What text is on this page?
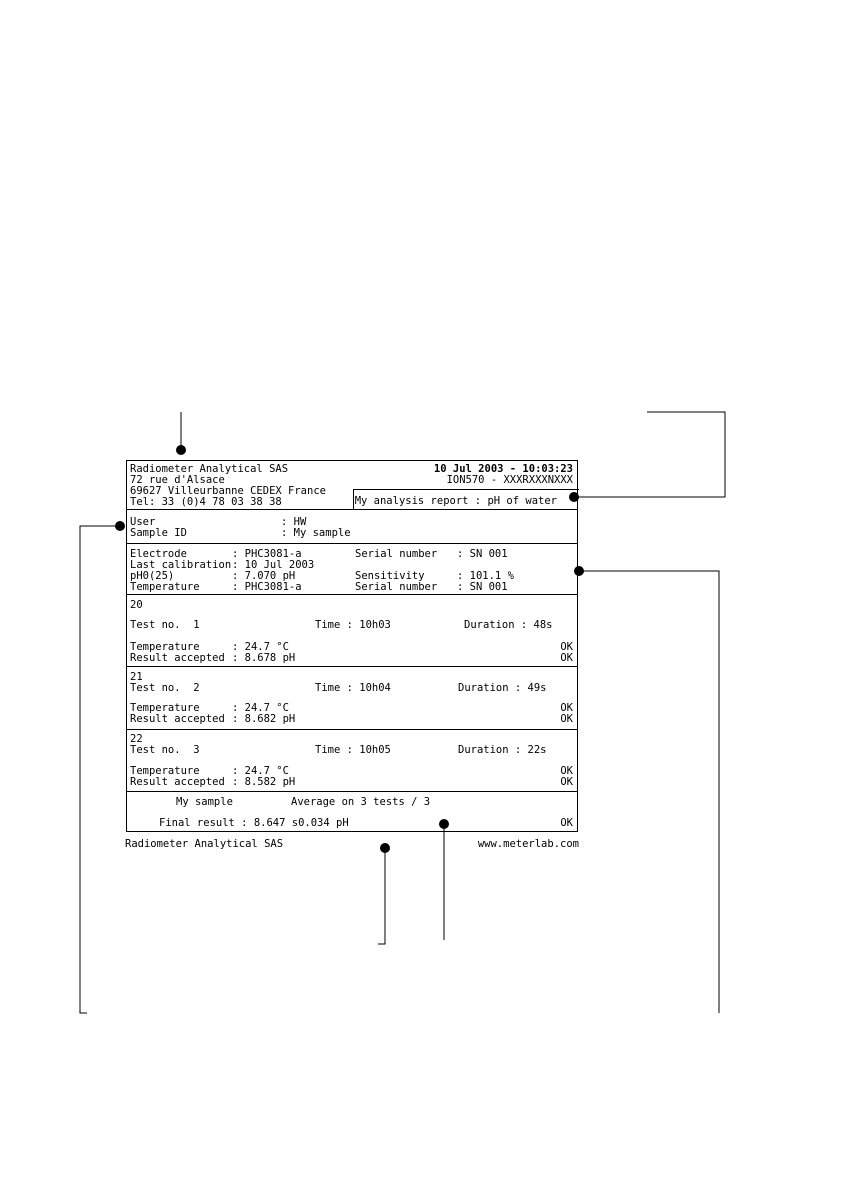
Radiometer Analytical SAS
72 rue d'Alsace
69627 Villeurbanne CEDEX France
Tel: 33 (0)4 78 03 38 38
10 Jul 2003 - 10:03:23
ION570 - XXXRXXXNXXX
My analysis report : pH of water
User	: HW
Sample ID	: My sample
Electrode	: PHC3081-a	Serial number : SN 001
Last calibration : 10 Jul 2003
pH0(25)	: 7.070 pH	Sensitivity	: 101.1 %
Temperature	: PHC3081-a	Serial number : SN 001
20
Test no.  1	Time : 10h03	Duration : 48s
Temperature	: 24.7 °C	OK
Result accepted : 8.678 pH	OK
21
Test no.  2	Time : 10h04	Duration : 49s
Temperature	: 24.7 °C	OK
Result accepted : 8.682 pH	OK
22
Test no.  3	Time : 10h05	Duration : 22s
Temperature	: 24.7 °C	OK
Result accepted : 8.582 pH	OK
My sample	Average on 3 tests / 3
Final result : 8.647 s0.034 pH	OK
Radiometer Analytical SAS	www.meterlab.com
